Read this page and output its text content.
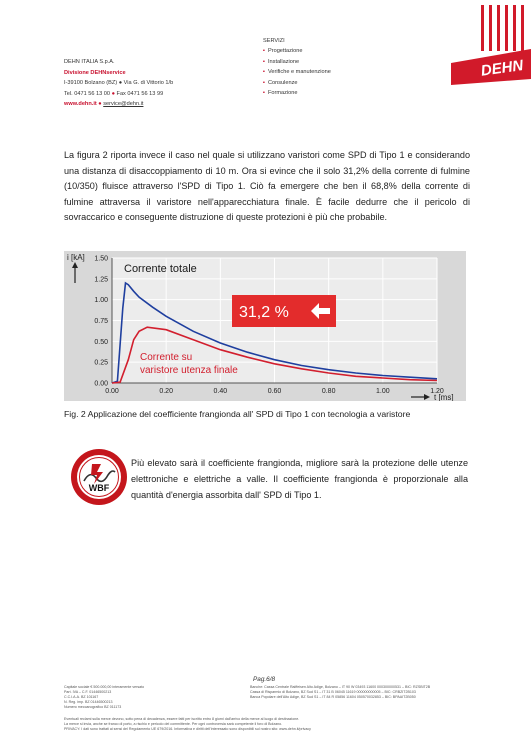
DEHN ITALIA S.p.A.
Divisione DEHNservice
I-39100 Bolzano (BZ) ● Via G. di Vittorio 1/b
Tel. 0471 56 13 00 ● Fax 0471 56 13 99
www.dehn.it ● service@dehn.it
SERVIZI
▪ Progettazione
▪ Installazione
▪ Verifiche e manutenzione
▪ Consulenze
▪ Formazione
DEHN
La figura 2 riporta invece il caso nel quale si utilizzano varistori come SPD di Tipo 1 e considerando una distanza di disaccoppiamento di 10 m. Ora si evince che il solo 31,2% della corrente di fulmine (10/350) fluisce attraverso l'SPD di Tipo 1. Ciò fa emergere che ben il 68,8% della corrente di fulmine attraversa il varistore nell'apparecchiatura finale. È facile dedurre che il pericolo di sovraccarico e conseguente distruzione di queste protezioni è più che probabile.
0.00
0.25
0.50
0.75
1.00
1.25
1.50
0.00	0.20	0.40	0.60	0.80	1.00	1.20
i [kA]
t [ms]
Corrente totale
Corrente su
varistore utenza finale
31,2 %
Fig. 2 Applicazione del coefficiente frangionda all' SPD di Tipo 1 con tecnologia a varistore
WBF
Più elevato sarà il coefficiente frangionda, migliore sarà la protezione delle utenze elettroniche e elettriche a valle. Il coefficiente frangionda è proporzionale alla quantità d'energia assorbita dall' SPD di Tipo 1.
Pag.6/8
Capitale sociale € 500.000,00 interamente versato
Part. IVA – C.F. 01446500213
C.C.I.A.A. BZ 101167
N. Reg. imp. BZ 01446500213
Numero meccanografico BZ 011173
Banche: Cassa Centrale Raiffeisen Alto Adige, Bolzano – IT 90 W 03493 11600 000300000531 – BIC: RZSBIT2B
Cassa di Risparmio di Bolzano, BZ Sud S1 – IT 31 B 06045 11619 000000000005 – BIC: CRBZIT2B103
Banca Popolare dell'Alto Adige, BZ Sud S1 – IT 84 R 05856 11604 050570032853 – BIC: BPAAIT2B050
Eventuali reclami sulla merce devono, sotto pena di decadenza, essere fatti per iscritto entro 8 giorni dall'arrivo della merce al luogo di destinazione.
La merce si invia, anche se franco di porto, a rischio e pericolo del committente. Per ogni controversia sarà competente il foro di Bolzano.
PRIVACY: I dati sono trattati ai sensi del Regolamento UE 679/2016. Informativa e diritti dell'interessato sono disponibili sul nostro sito: www.dehn.it/privacy
